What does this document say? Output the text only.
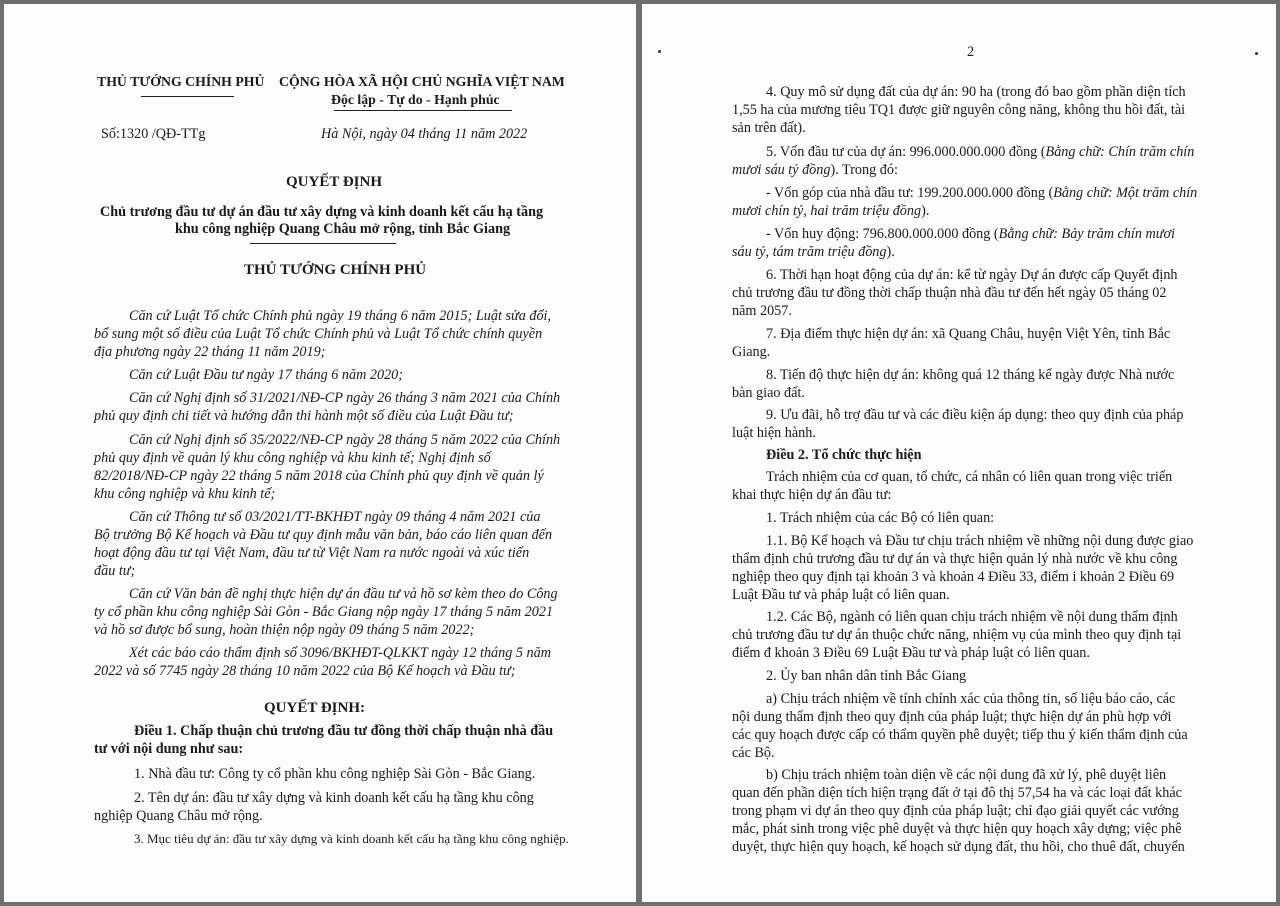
THỦ TƯỚNG CHÍNH PHỦ CỘNG HÒA XÃ HỘI CHỦ NGHĨA VIỆT NAM
Độc lập - Tự do - Hạnh phúc
Số:1320 /QĐ-TTg	Hà Nội, ngày 04 tháng 11 năm 2022
QUYẾT ĐỊNH
Chủ trương đầu tư dự án đầu tư xây dựng và kinh doanh kết cấu hạ tầng
khu công nghiệp Quang Châu mở rộng, tỉnh Bắc Giang
THỦ TƯỚNG CHÍNH PHỦ
Căn cứ Luật Tổ chức Chính phủ ngày 19 tháng 6 năm 2015; Luật sửa đổi,
bổ sung một số điều của Luật Tổ chức Chính phủ và Luật Tổ chức chính quyền
địa phương ngày 22 tháng 11 năm 2019;
Căn cứ Luật Đầu tư ngày 17 tháng 6 năm 2020;
Căn cứ Nghị định số 31/2021/NĐ-CP ngày 26 tháng 3 năm 2021 của Chính
phủ quy định chi tiết và hướng dẫn thi hành một số điều của Luật Đầu tư;
Căn cứ Nghị định số 35/2022/NĐ-CP ngày 28 tháng 5 năm 2022 của Chính
phủ quy định về quản lý khu công nghiệp và khu kinh tế; Nghị định số
82/2018/NĐ-CP ngày 22 tháng 5 năm 2018 của Chính phủ quy định về quản lý
khu công nghiệp và khu kinh tế;
Căn cứ Thông tư số 03/2021/TT-BKHĐT ngày 09 tháng 4 năm 2021 của
Bộ trưởng Bộ Kế hoạch và Đầu tư quy định mẫu văn bản, báo cáo liên quan đến
hoạt động đầu tư tại Việt Nam, đầu tư từ Việt Nam ra nước ngoài và xúc tiến
đầu tư;
Căn cứ Văn bản đề nghị thực hiện dự án đầu tư và hồ sơ kèm theo do Công
ty cổ phần khu công nghiệp Sài Gòn - Bắc Giang nộp ngày 17 tháng 5 năm 2021
và hồ sơ được bổ sung, hoàn thiện nộp ngày 09 tháng 5 năm 2022;
Xét các báo cáo thẩm định số 3096/BKHĐT-QLKKT ngày 12 tháng 5 năm
2022 và số 7745 ngày 28 tháng 10 năm 2022 của Bộ Kế hoạch và Đầu tư;
QUYẾT ĐỊNH:
Điều 1. Chấp thuận chủ trương đầu tư đồng thời chấp thuận nhà đầu
tư với nội dung như sau:
1. Nhà đầu tư: Công ty cổ phần khu công nghiệp Sài Gòn - Bắc Giang.
2. Tên dự án: đầu tư xây dựng và kinh doanh kết cấu hạ tầng khu công
nghiệp Quang Châu mở rộng.
3. Mục tiêu dự án: đầu tư xây dựng và kinh doanh kết cấu hạ tầng khu công nghiệp.
2
4. Quy mô sử dụng đất của dự án: 90 ha (trong đó bao gồm phần diện tích
1,55 ha của mương tiêu TQ1 được giữ nguyên công năng, không thu hồi đất, tài
sản trên đất).
5. Vốn đầu tư của dự án: 996.000.000.000 đồng (Bằng chữ: Chín trăm chín
mươi sáu tỷ đồng). Trong đó:
- Vốn góp của nhà đầu tư: 199.200.000.000 đồng (Bằng chữ: Một trăm chín
mươi chín tỷ, hai trăm triệu đồng).
- Vốn huy động: 796.800.000.000 đồng (Bằng chữ: Bảy trăm chín mươi
sáu tỷ, tám trăm triệu đồng).
6. Thời hạn hoạt động của dự án: kể từ ngày Dự án được cấp Quyết định
chủ trương đầu tư đồng thời chấp thuận nhà đầu tư đến hết ngày 05 tháng 02
năm 2057.
7. Địa điểm thực hiện dự án: xã Quang Châu, huyện Việt Yên, tỉnh Bắc
Giang.
8. Tiến độ thực hiện dự án: không quá 12 tháng kể ngày được Nhà nước
bàn giao đất.
9. Ưu đãi, hỗ trợ đầu tư và các điều kiện áp dụng: theo quy định của pháp
luật hiện hành.
Điều 2. Tổ chức thực hiện
Trách nhiệm của cơ quan, tổ chức, cá nhân có liên quan trong việc triển
khai thực hiện dự án đầu tư:
1. Trách nhiệm của các Bộ có liên quan:
1.1. Bộ Kế hoạch và Đầu tư chịu trách nhiệm về những nội dung được giao
thẩm định chủ trương đầu tư dự án và thực hiện quản lý nhà nước về khu công
nghiệp theo quy định tại khoản 3 và khoản 4 Điều 33, điểm i khoản 2 Điều 69
Luật Đầu tư và pháp luật có liên quan.
1.2. Các Bộ, ngành có liên quan chịu trách nhiệm về nội dung thẩm định
chủ trương đầu tư dự án thuộc chức năng, nhiệm vụ của mình theo quy định tại
điểm đ khoản 3 Điều 69 Luật Đầu tư và pháp luật có liên quan.
2. Ủy ban nhân dân tỉnh Bắc Giang
a) Chịu trách nhiệm về tính chính xác của thông tin, số liệu báo cáo, các
nội dung thẩm định theo quy định của pháp luật; thực hiện dự án phù hợp với
các quy hoạch được cấp có thẩm quyền phê duyệt; tiếp thu ý kiến thẩm định của
các Bộ.
b) Chịu trách nhiệm toàn diện về các nội dung đã xử lý, phê duyệt liên
quan đến phần diện tích hiện trạng đất ở tại đô thị 57,54 ha và các loại đất khác
trong phạm vi dự án theo quy định của pháp luật; chỉ đạo giải quyết các vướng
mắc, phát sinh trong việc phê duyệt và thực hiện quy hoạch xây dựng; việc phê
duyệt, thực hiện quy hoạch, kế hoạch sử dụng đất, thu hồi, cho thuê đất, chuyển
